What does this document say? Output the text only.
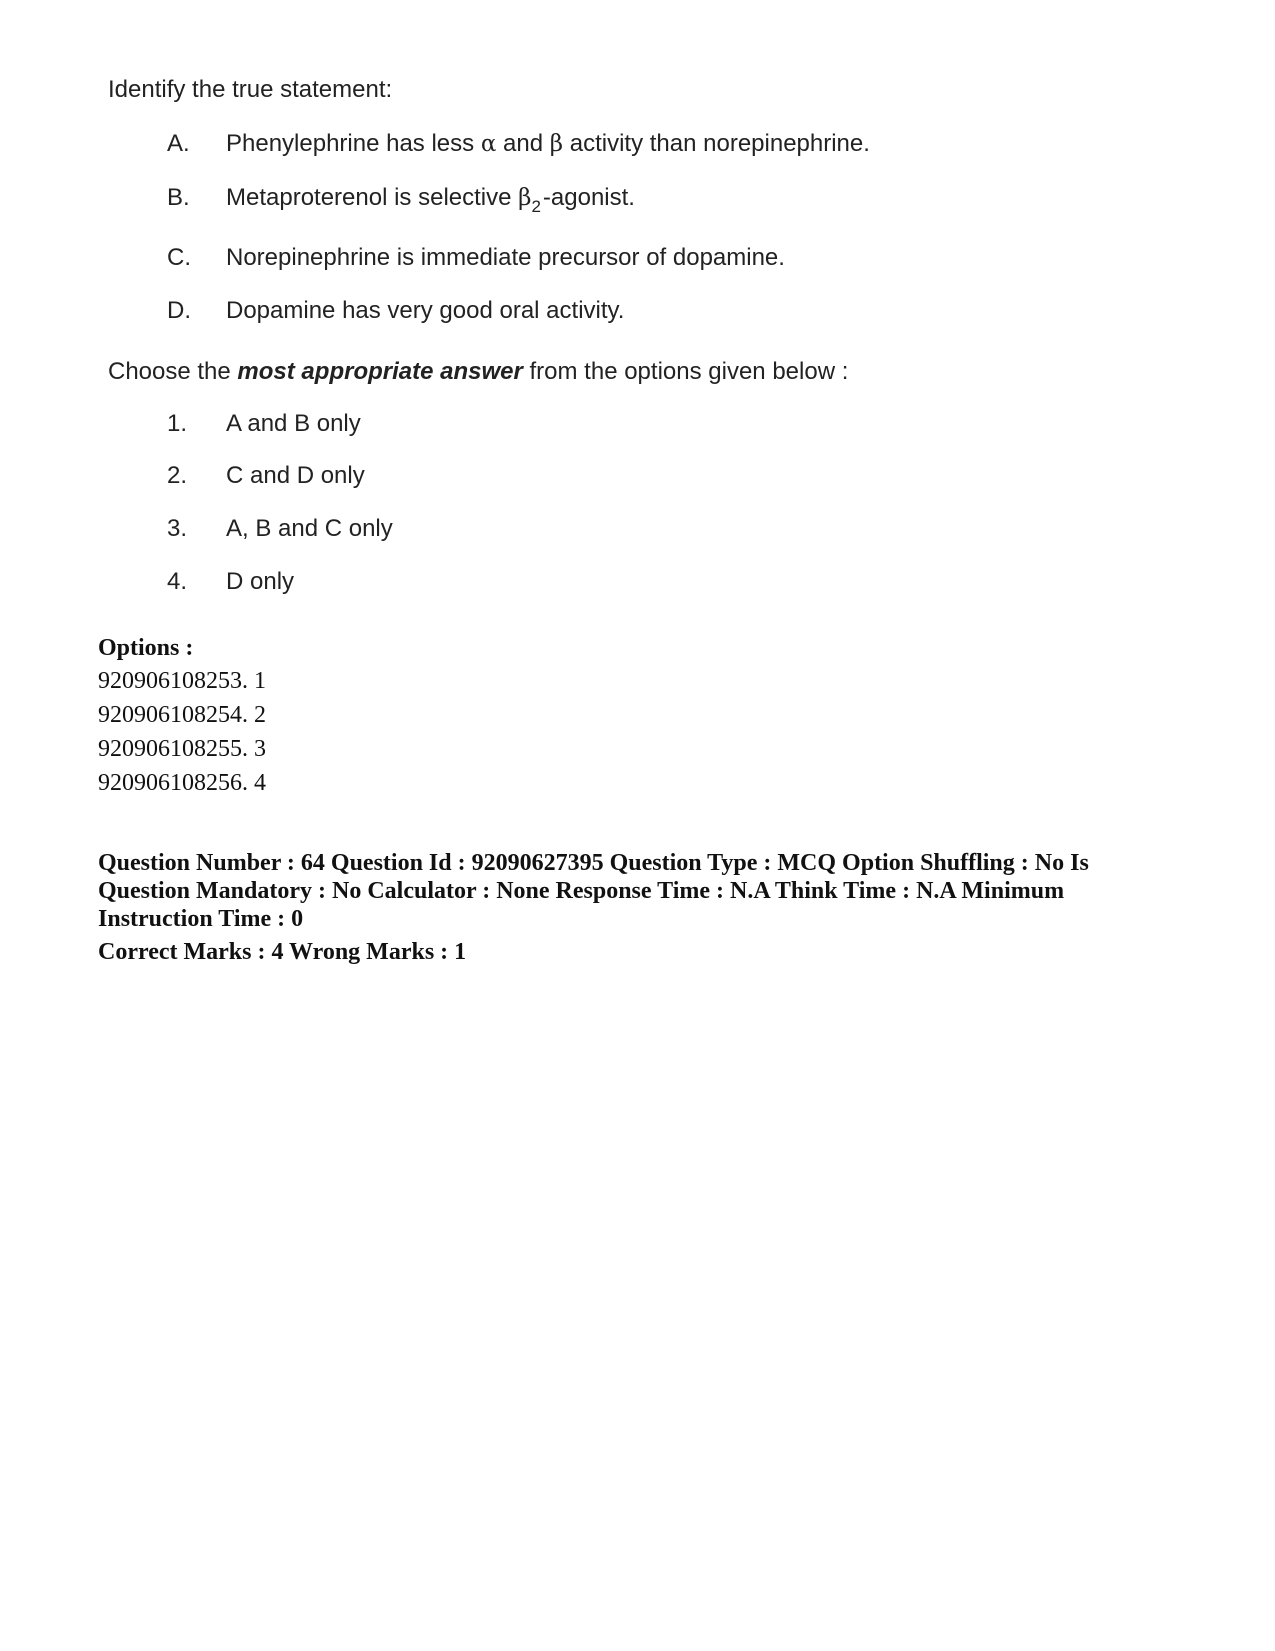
Identify the true statement:
A. Phenylephrine has less α and β activity than norepinephrine.
B. Metaproterenol is selective $\beta_2$-agonist.
C. Norepinephrine is immediate precursor of dopamine.
D. Dopamine has very good oral activity.
Choose the most appropriate answer from the options given below :
1. A and B only
2. C and D only
3. A, B and C only
4. D only
Options :
920906108253. 1
920906108254. 2
920906108255. 3
920906108256. 4
Question Number : 64 Question Id : 92090627395 Question Type : MCQ Option Shuffling : No Is Question Mandatory : No Calculator : None Response Time : N.A Think Time : N.A Minimum Instruction Time : 0
Correct Marks : 4 Wrong Marks : 1
